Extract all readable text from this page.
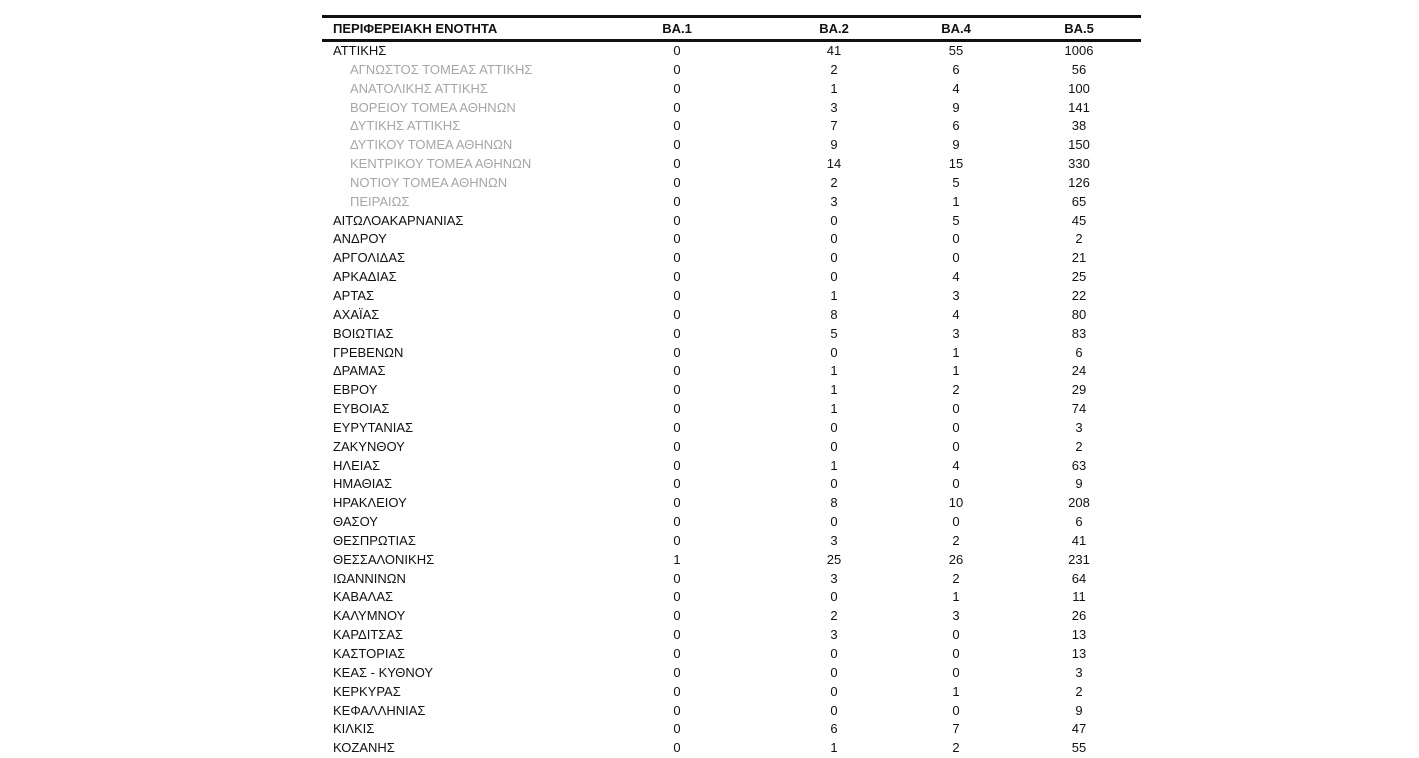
ΠΕΡΙΦΕΡΕΙΑΚΗ ΕΝΟΤΗΤΑ	ΒΑ.1	ΒΑ.2	ΒΑ.4	ΒΑ.5
ΑΤΤΙΚΗΣ	0	41	55	1006
ΑΓΝΩΣΤΟΣ ΤΟΜΕΑΣ ΑΤΤΙΚΗΣ	0	2	6	56
ΑΝΑΤΟΛΙΚΗΣ ΑΤΤΙΚΗΣ	0	1	4	100
ΒΟΡΕΙΟΥ ΤΟΜΕΑ ΑΘΗΝΩΝ	0	3	9	141
ΔΥΤΙΚΗΣ ΑΤΤΙΚΗΣ	0	7	6	38
ΔΥΤΙΚΟΥ ΤΟΜΕΑ ΑΘΗΝΩΝ	0	9	9	150
ΚΕΝΤΡΙΚΟΥ ΤΟΜΕΑ ΑΘΗΝΩΝ	0	14	15	330
ΝΟΤΙΟΥ ΤΟΜΕΑ ΑΘΗΝΩΝ	0	2	5	126
ΠΕΙΡΑΙΩΣ	0	3	1	65
ΑΙΤΩΛΟΑΚΑΡΝΑΝΙΑΣ	0	0	5	45
ΑΝΔΡΟΥ	0	0	0	2
ΑΡΓΟΛΙΔΑΣ	0	0	0	21
ΑΡΚΑΔΙΑΣ	0	0	4	25
ΑΡΤΑΣ	0	1	3	22
ΑΧΑΪΑΣ	0	8	4	80
ΒΟΙΩΤΙΑΣ	0	5	3	83
ΓΡΕΒΕΝΩΝ	0	0	1	6
ΔΡΑΜΑΣ	0	1	1	24
ΕΒΡΟΥ	0	1	2	29
ΕΥΒΟΙΑΣ	0	1	0	74
ΕΥΡΥΤΑΝΙΑΣ	0	0	0	3
ΖΑΚΥΝΘΟΥ	0	0	0	2
ΗΛΕΙΑΣ	0	1	4	63
ΗΜΑΘΙΑΣ	0	0	0	9
ΗΡΑΚΛΕΙΟΥ	0	8	10	208
ΘΑΣΟΥ	0	0	0	6
ΘΕΣΠΡΩΤΙΑΣ	0	3	2	41
ΘΕΣΣΑΛΟΝΙΚΗΣ	1	25	26	231
ΙΩΑΝΝΙΝΩΝ	0	3	2	64
ΚΑΒΑΛΑΣ	0	0	1	11
ΚΑΛΥΜΝΟΥ	0	2	3	26
ΚΑΡΔΙΤΣΑΣ	0	3	0	13
ΚΑΣΤΟΡΙΑΣ	0	0	0	13
ΚΕΑΣ - ΚΥΘΝΟΥ	0	0	0	3
ΚΕΡΚΥΡΑΣ	0	0	1	2
ΚΕΦΑΛΛΗΝΙΑΣ	0	0	0	9
ΚΙΛΚΙΣ	0	6	7	47
ΚΟΖΑΝΗΣ	0	1	2	55
